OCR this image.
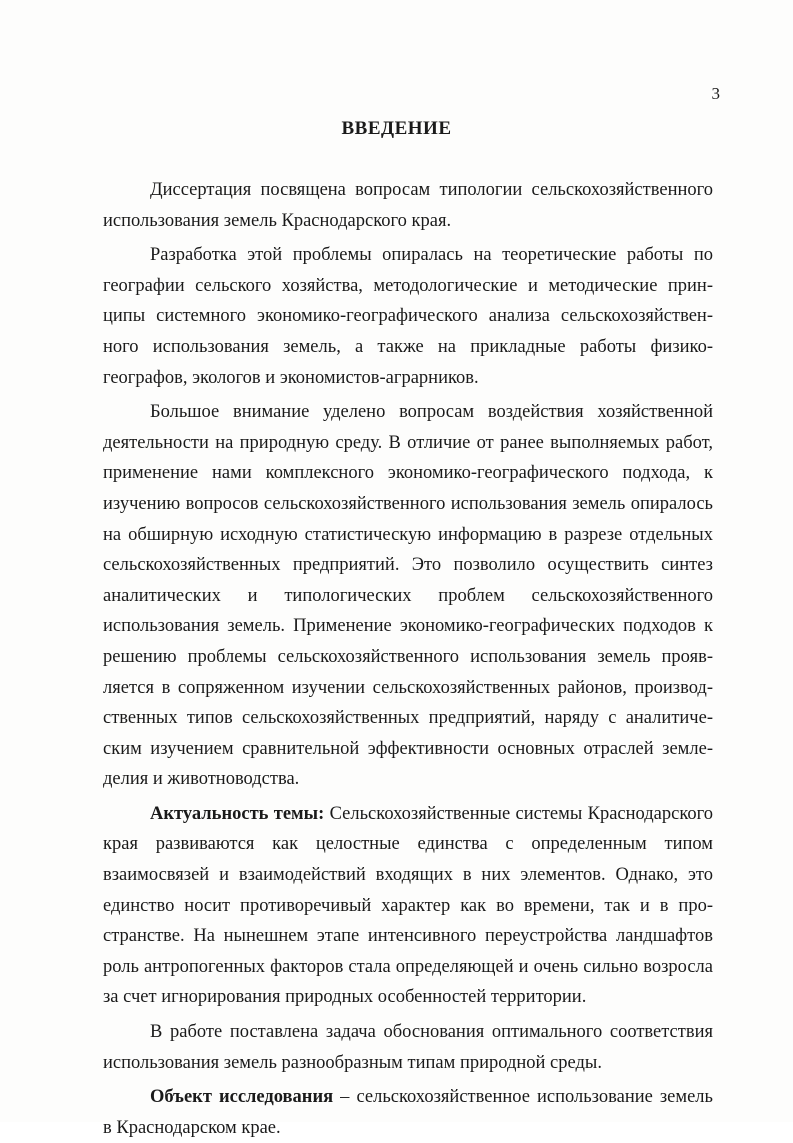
3
ВВЕДЕНИЕ

Диссертация посвящена вопросам типологии сельскохозяйственного использования земель Краснодарского края.

Разработка этой проблемы опиралась на теоретические работы по географии сельского хозяйства, методологические и методические принципы системного экономико-географического анализа сельскохозяйственного использования земель, а также на прикладные работы физико-географов, экологов и экономистов-аграрников.

Большое внимание уделено вопросам воздействия хозяйственной деятельности на природную среду. В отличие от ранее выполняемых работ, применение нами комплексного экономико-географического подхода, к изучению вопросов сельскохозяйственного использования земель опиралось на обширную исходную статистическую информацию в разрезе отдельных сельскохозяйственных предприятий. Это позволило осуществить синтез аналитических и типологических проблем сельскохозяйственного использования земель. Применение экономико-географических подходов к решению проблемы сельскохозяйственного использования земель проявляется в сопряженном изучении сельскохозяйственных районов, производственных типов сельскохозяйственных предприятий, наряду с аналитическим изучением сравнительной эффективности основных отраслей земледелия и животноводства.

Актуальность темы: Сельскохозяйственные системы Краснодарского края развиваются как целостные единства с определенным типом взаимосвязей и взаимодействий входящих в них элементов. Однако, это единство носит противоречивый характер как во времени, так и в пространстве. На нынешнем этапе интенсивного переустройства ландшафтов роль антропогенных факторов стала определяющей и очень сильно возросла за счет игнорирования природных особенностей территории.

В работе поставлена задача обоснования оптимального соответствия использования земель разнообразным типам природной среды.

Объект исследования – сельскохозяйственное использование земель в Краснодарском крае.
